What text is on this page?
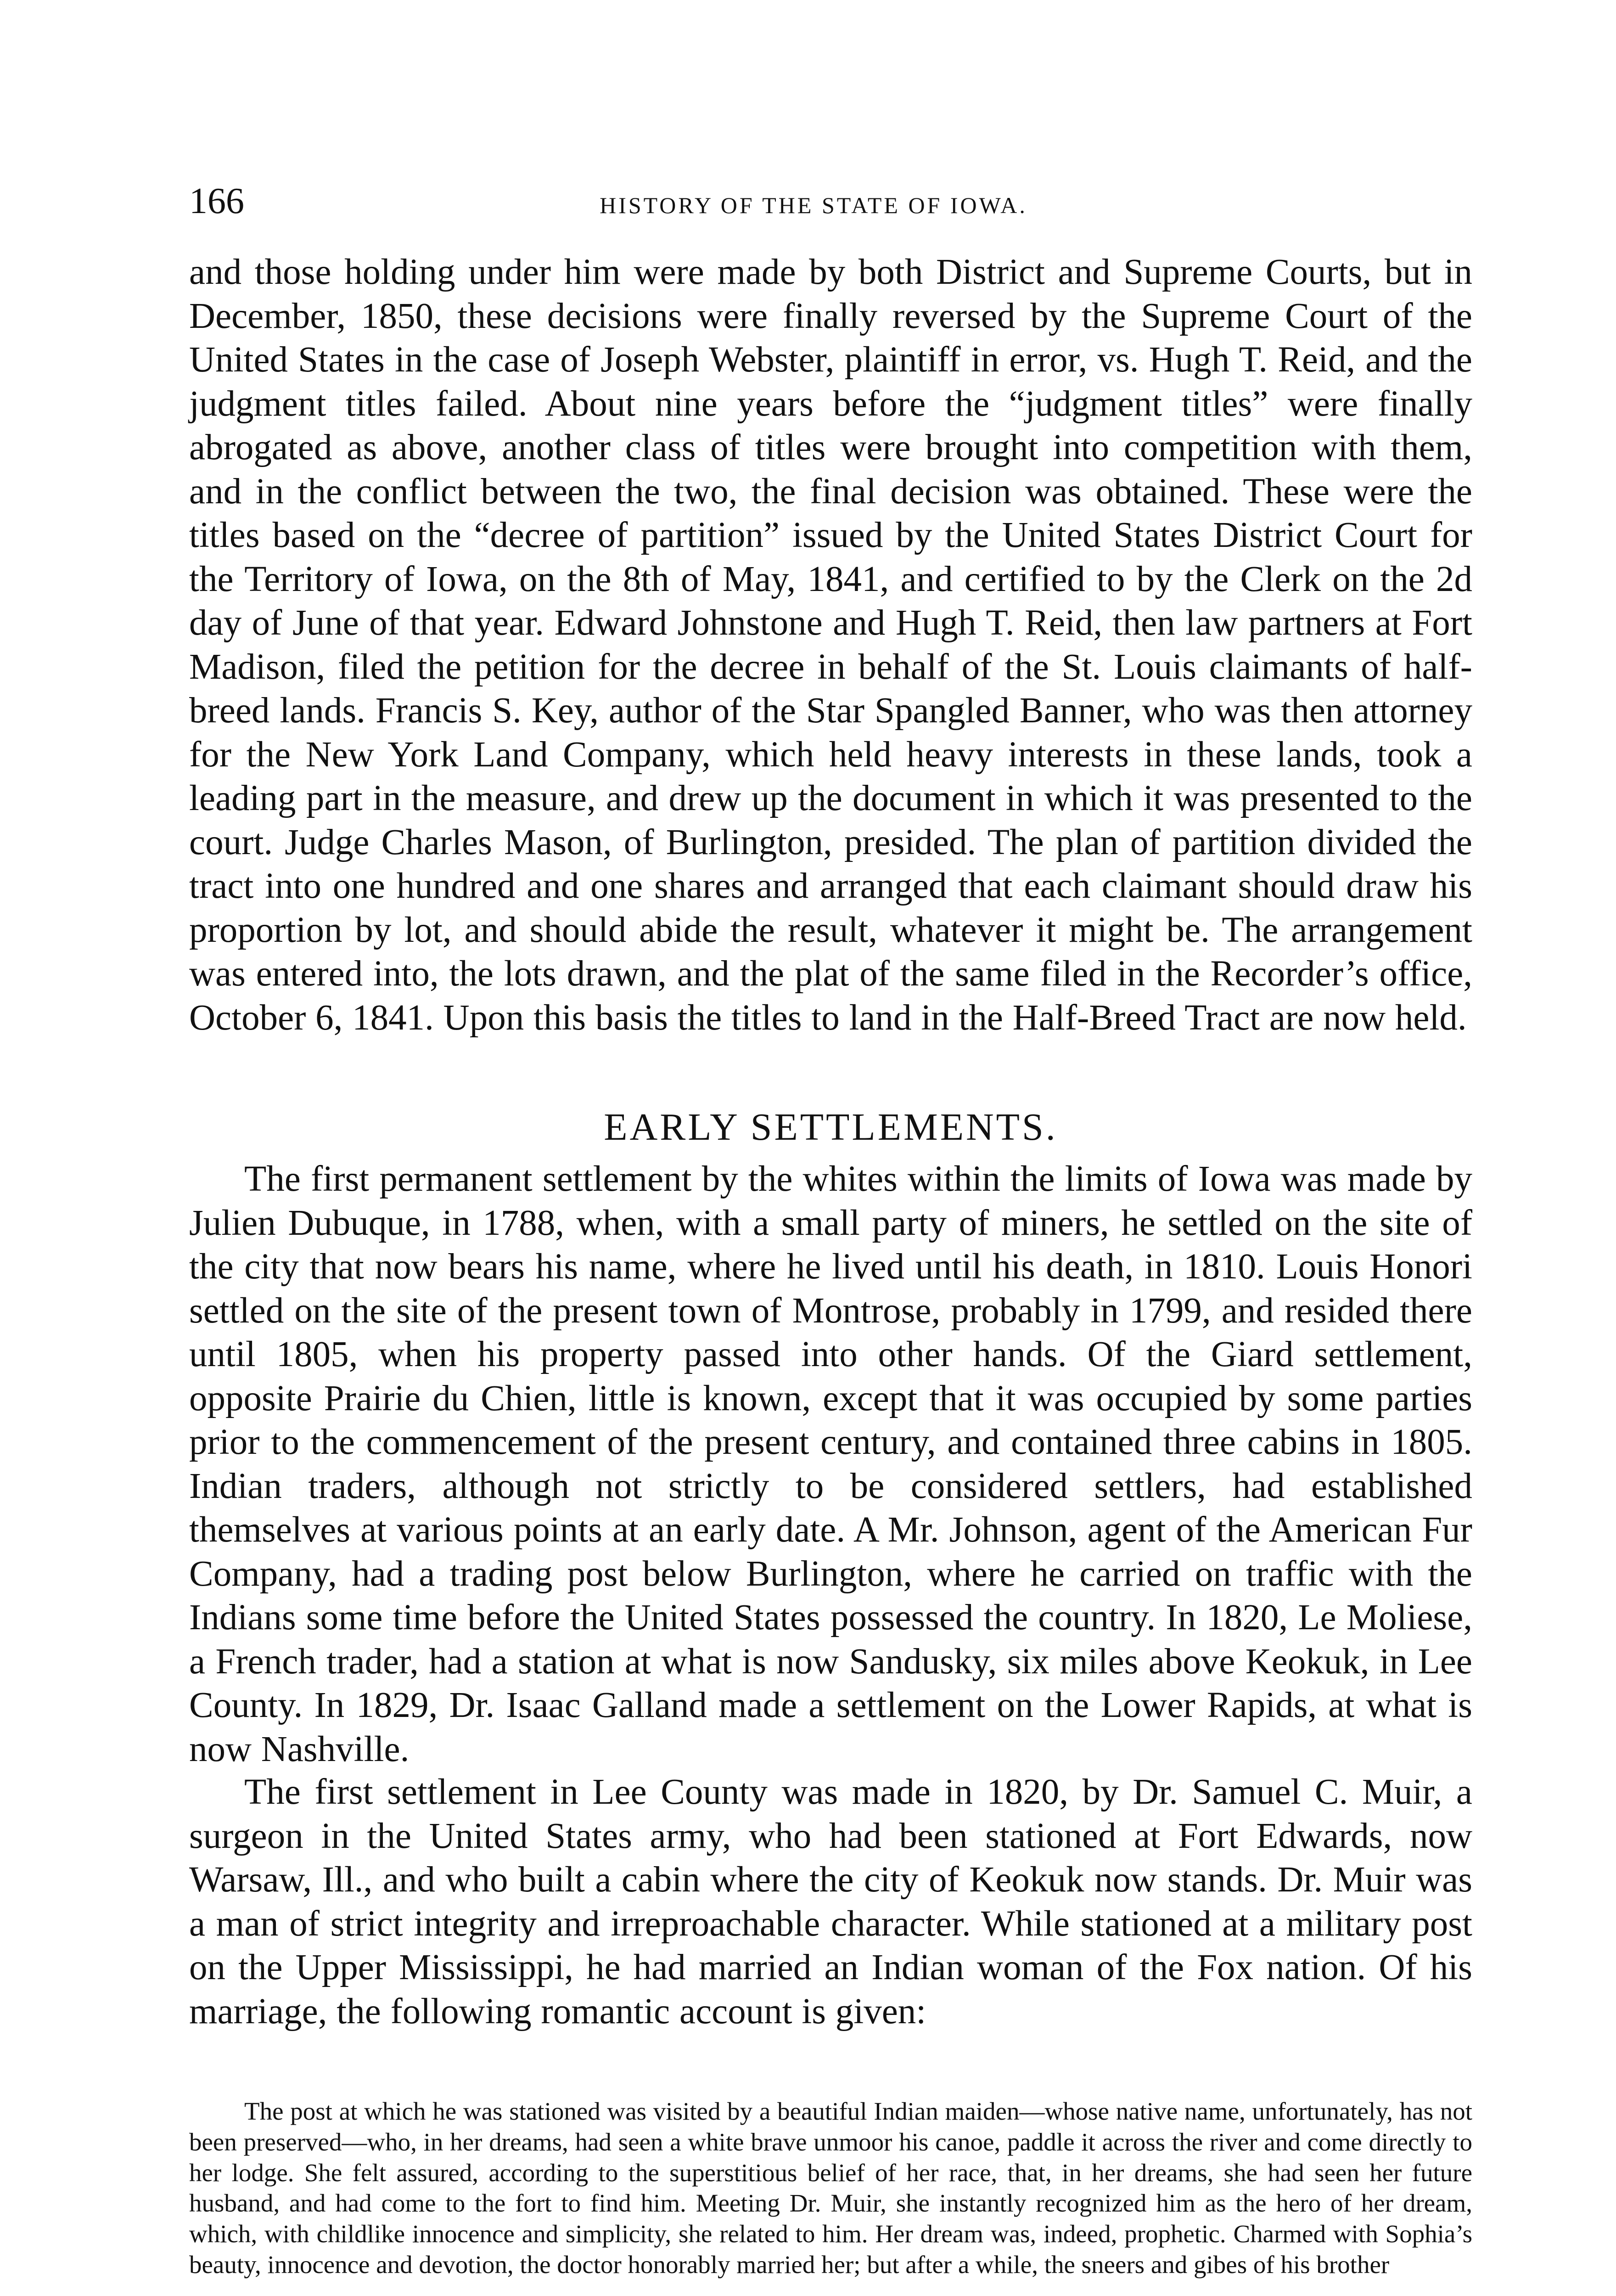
166	HISTORY OF THE STATE OF IOWA.

and those holding under him were made by both District and Supreme Courts, but in December, 1850, these decisions were finally reversed by the Supreme Court of the United States in the case of Joseph Webster, plaintiff in error, vs. Hugh T. Reid, and the judgment titles failed. About nine years before the “judgment titles” were finally abrogated as above, another class of titles were brought into competition with them, and in the conflict between the two, the final decision was obtained. These were the titles based on the “decree of partition” issued by the United States District Court for the Territory of Iowa, on the 8th of May, 1841, and certified to by the Clerk on the 2d day of June of that year. Edward Johnstone and Hugh T. Reid, then law partners at Fort Madison, filed the petition for the decree in behalf of the St. Louis claimants of half-breed lands. Francis S. Key, author of the Star Spangled Banner, who was then attorney for the New York Land Company, which held heavy interests in these lands, took a leading part in the measure, and drew up the document in which it was presented to the court. Judge Charles Mason, of Burlington, presided. The plan of partition divided the tract into one hundred and one shares and arranged that each claimant should draw his proportion by lot, and should abide the result, whatever it might be. The arrangement was entered into, the lots drawn, and the plat of the same filed in the Recorder’s office, October 6, 1841. Upon this basis the titles to land in the Half-Breed Tract are now held.

EARLY SETTLEMENTS.

The first permanent settlement by the whites within the limits of Iowa was made by Julien Dubuque, in 1788, when, with a small party of miners, he settled on the site of the city that now bears his name, where he lived until his death, in 1810. Louis Honori settled on the site of the present town of Montrose, probably in 1799, and resided there until 1805, when his property passed into other hands. Of the Giard settlement, opposite Prairie du Chien, little is known, except that it was occupied by some parties prior to the commencement of the present century, and contained three cabins in 1805. Indian traders, although not strictly to be considered settlers, had established themselves at various points at an early date. A Mr. Johnson, agent of the American Fur Company, had a trading post below Burlington, where he carried on traffic with the Indians some time before the United States possessed the country. In 1820, Le Moliese, a French trader, had a station at what is now Sandusky, six miles above Keokuk, in Lee County. In 1829, Dr. Isaac Galland made a settlement on the Lower Rapids, at what is now Nashville.

The first settlement in Lee County was made in 1820, by Dr. Samuel C. Muir, a surgeon in the United States army, who had been stationed at Fort Edwards, now Warsaw, Ill., and who built a cabin where the city of Keokuk now stands. Dr. Muir was a man of strict integrity and irreproachable character. While stationed at a military post on the Upper Mississippi, he had married an Indian woman of the Fox nation. Of his marriage, the following romantic account is given:

The post at which he was stationed was visited by a beautiful Indian maiden—whose native name, unfortunately, has not been preserved—who, in her dreams, had seen a white brave unmoor his canoe, paddle it across the river and come directly to her lodge. She felt assured, according to the superstitious belief of her race, that, in her dreams, she had seen her future husband, and had come to the fort to find him. Meeting Dr. Muir, she instantly recognized him as the hero of her dream, which, with childlike innocence and simplicity, she related to him. Her dream was, indeed, prophetic. Charmed with Sophia’s beauty, innocence and devotion, the doctor honorably married her; but after a while, the sneers and gibes of his brother
